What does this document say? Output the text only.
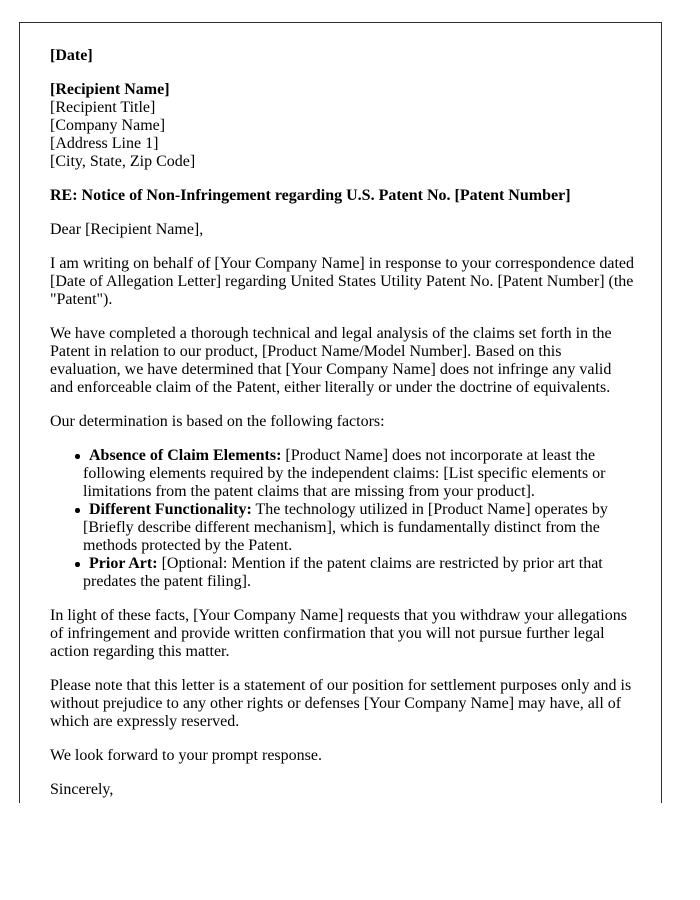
[Date]

[Recipient Name]
[Recipient Title]
[Company Name]
[Address Line 1]
[City, State, Zip Code]

RE: Notice of Non-Infringement regarding U.S. Patent No. [Patent Number]

Dear [Recipient Name],

I am writing on behalf of [Your Company Name] in response to your correspondence dated [Date of Allegation Letter] regarding United States Utility Patent No. [Patent Number] (the "Patent").

We have completed a thorough technical and legal analysis of the claims set forth in the Patent in relation to our product, [Product Name/Model Number]. Based on this evaluation, we have determined that [Your Company Name] does not infringe any valid and enforceable claim of the Patent, either literally or under the doctrine of equivalents.

Our determination is based on the following factors:

Absence of Claim Elements: [Product Name] does not incorporate at least the following elements required by the independent claims: [List specific elements or limitations from the patent claims that are missing from your product].
Different Functionality: The technology utilized in [Product Name] operates by [Briefly describe different mechanism], which is fundamentally distinct from the methods protected by the Patent.
Prior Art: [Optional: Mention if the patent claims are restricted by prior art that predates the patent filing].

In light of these facts, [Your Company Name] requests that you withdraw your allegations of infringement and provide written confirmation that you will not pursue further legal action regarding this matter.

Please note that this letter is a statement of our position for settlement purposes only and is without prejudice to any other rights or defenses [Your Company Name] may have, all of which are expressly reserved.

We look forward to your prompt response.

Sincerely,
